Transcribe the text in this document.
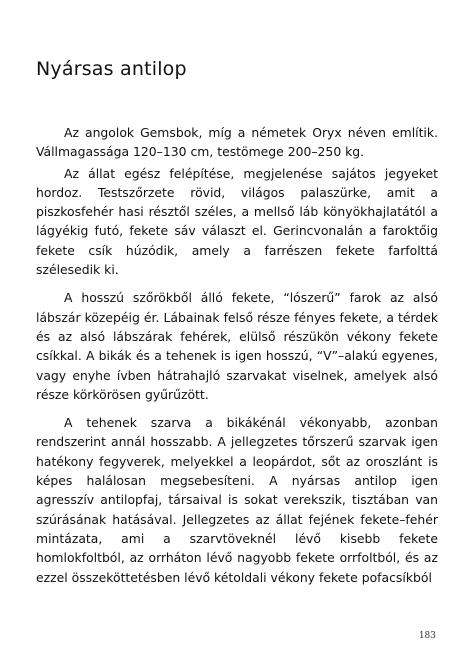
Nyársas antilop

Az angolok Gemsbok, míg a németek Oryx néven említik. Vállmagassága 120–130 cm, testömege 200–250 kg.

Az állat egész felépítése, megjelenése sajátos jegyeket hordoz. Testszőrzete rövid, világos palaszürke, amit a piszkosfehér hasi résztől széles, a mellső láb könyökhajlatától a lágyékig futó, fekete sáv választ el. Gerincvonalán a faroktőig fekete csík húzódik, amely a farrészen fekete farfolttá szélesedik ki.

A hosszú szőrökből álló fekete, “lószerű” farok az alsó lábszár közepéig ér. Lábainak felső része fényes fekete, a térdek és az alsó lábszárak fehérek, elülső részükön vékony fekete csíkkal. A bikák és a tehenek is igen hosszú, “V”–alakú egyenes, vagy enyhe ívben hátrahajló szarvakat viselnek, amelyek alsó része körkörösen gyűrűzött.

A tehenek szarva a bikákénál vékonyabb, azonban rendszerint annál hosszabb. A jellegzetes tőrszerű szarvak igen hatékony fegyverek, melyekkel a leopárdot, sőt az oroszlánt is képes halálosan megsebesíteni. A nyársas antilop igen agresszív antilopfaj, társaival is sokat verekszik, tisztában van szúrásának hatásával. Jellegzetes az állat fejének fekete–fehér mintázata, ami a szarvtöveknél lévő kisebb fekete homlokfoltból, az orrháton lévő nagyobb fekete orrfoltból, és az ezzel összeköttetésben lévő kétoldali vékony fekete pofacsíkból

183
